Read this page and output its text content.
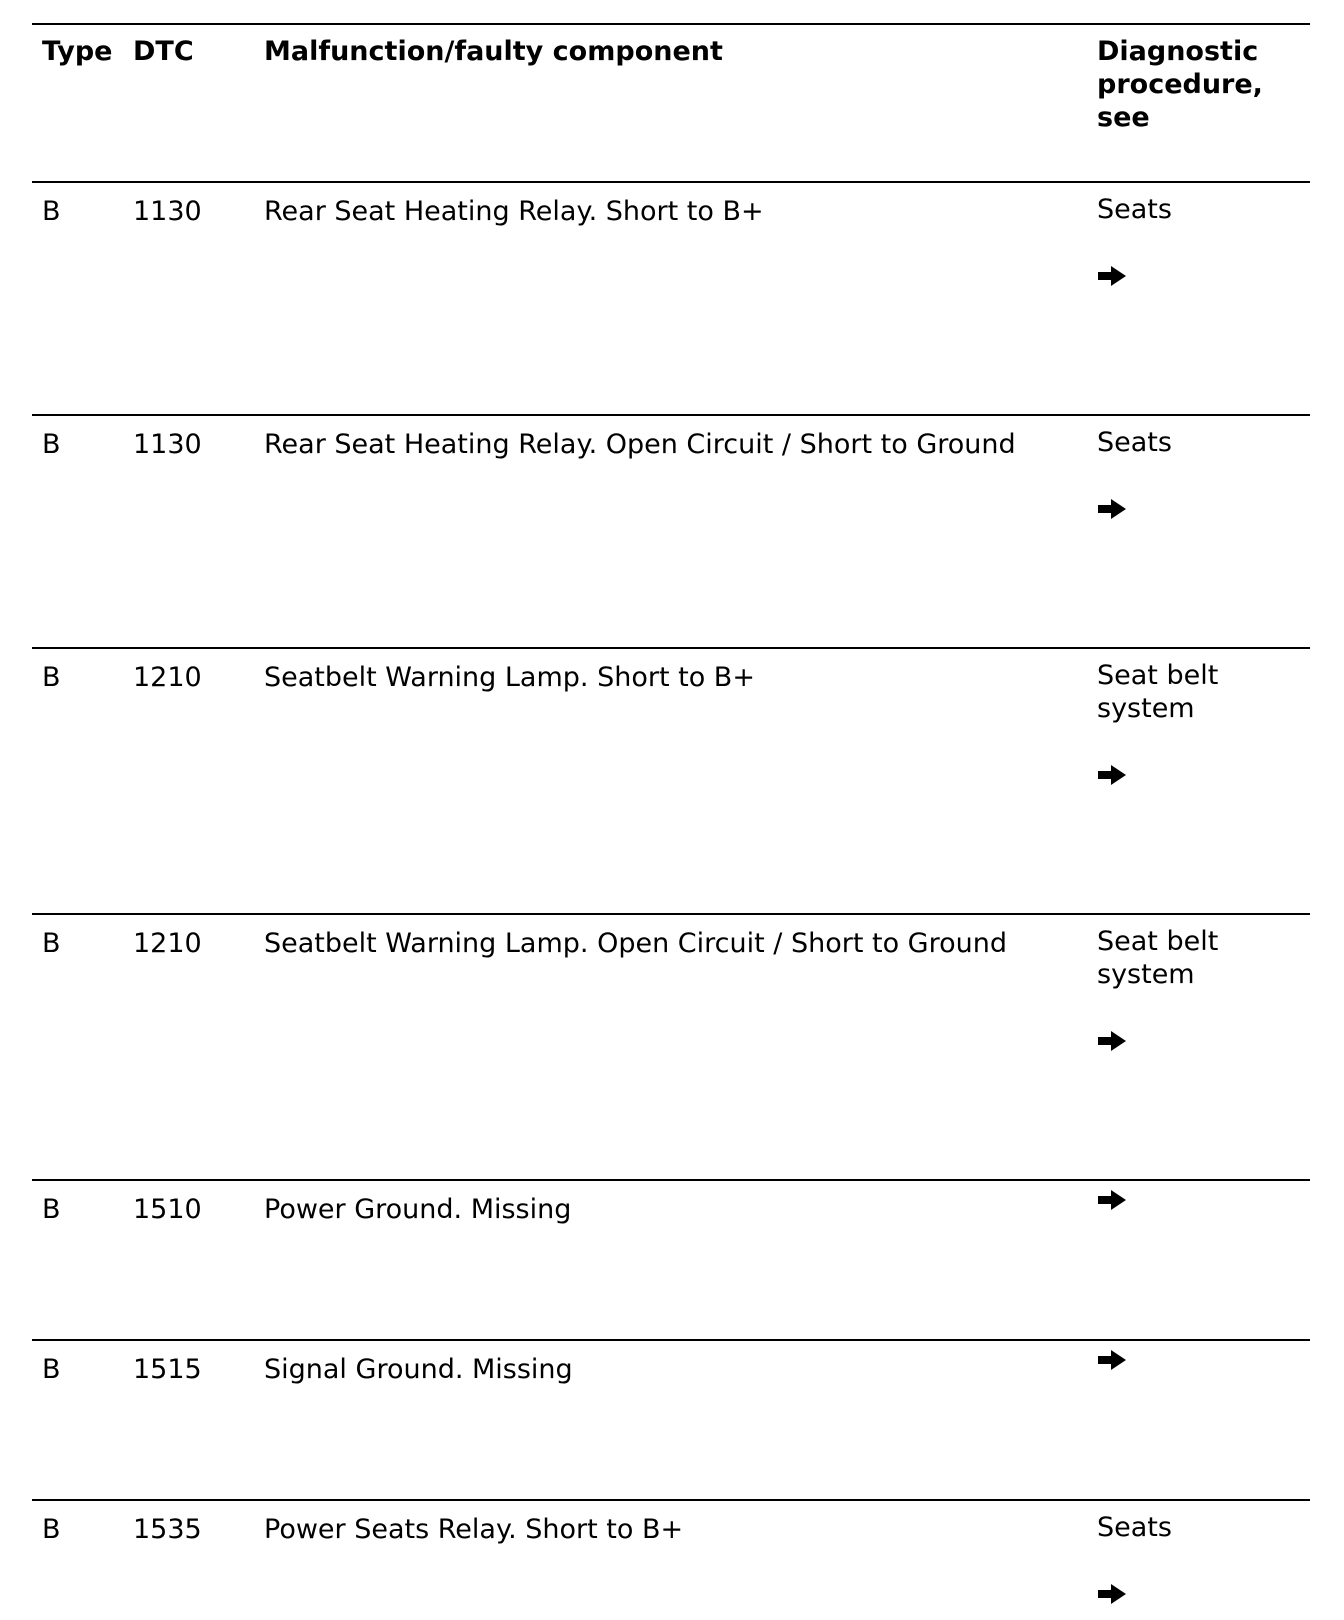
Type DTC	Malfunction/faulty component	Diagnostic procedure, see
B	1130 Rear Seat Heating Relay. Short to B+	Seats
B	1130 Rear Seat Heating Relay. Open Circuit / Short to Ground	Seats
B	1210 Seatbelt Warning Lamp. Short to B+	Seat belt system
B	1210 Seatbelt Warning Lamp. Open Circuit / Short to Ground	Seat belt system
B	1510 Power Ground. Missing
B	1515 Signal Ground. Missing
B	1535 Power Seats Relay. Short to B+	Seats
